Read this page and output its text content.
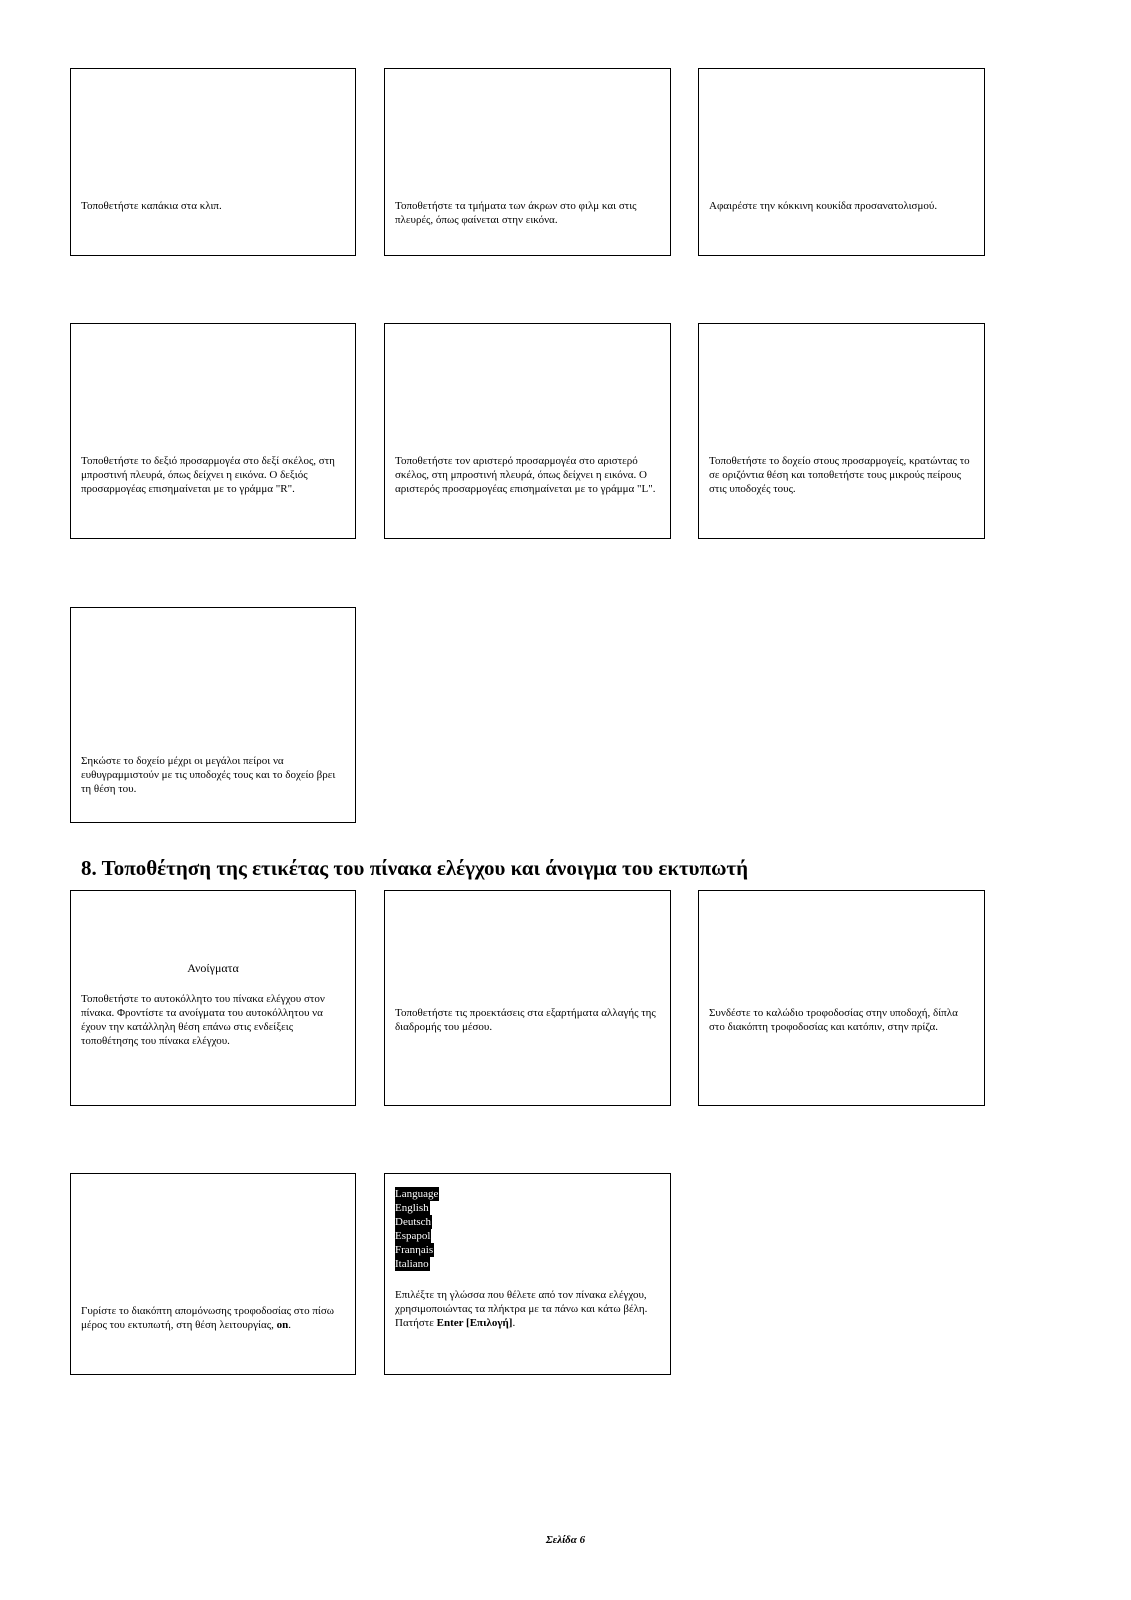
Τοποθετήστε καπάκια στα κλιπ.	Τοποθετήστε τα τμήματα των άκρων στο φιλμ και στις πλευρές, όπως φαίνεται στην εικόνα.

Αφαιρέστε την κόκκινη κουκίδα προσανατολισμού.

Τοποθετήστε το δεξιό προσαρμογέα στο δεξί σκέλος, στη μπροστινή πλευρά, όπως δείχνει η εικόνα. Ο δεξιός προσαρμογέας επισημαίνεται με το γράμμα "R".

Τοποθετήστε τον αριστερό προσαρμογέα στο αριστερό σκέλος, στη μπροστινή πλευρά, όπως δείχνει η εικόνα. Ο αριστερός προσαρμογέας επισημαίνεται με το γράμμα "L".

Τοποθετήστε το δοχείο στους προσαρμογείς, κρατώντας το σε οριζόντια θέση και τοποθετήστε τους μικρούς πείρους στις υποδοχές τους.

Σηκώστε το δοχείο μέχρι οι μεγάλοι πείροι να ευθυγραμμιστούν με τις υποδοχές τους και το δοχείο βρει τη θέση του.

8. Τοποθέτηση της ετικέτας του πίνακα ελέγχου και άνοιγμα του εκτυπωτή
Ανοίγματα

Τοποθετήστε το αυτοκόλλητο του πίνακα ελέγχου στον πίνακα. Φροντίστε τα ανοίγματα του αυτοκόλλητου να έχουν την κατάλληλη θέση επάνω στις ενδείξεις τοποθέτησης του πίνακα ελέγχου.

Τοποθετήστε τις προεκτάσεις στα εξαρτήματα αλλαγής της διαδρομής του μέσου.

Συνδέστε το καλώδιο τροφοδοσίας στην υποδοχή, δίπλα στο διακόπτη τροφοδοσίας και κατόπιν, στην πρίζα.

Γυρίστε το διακόπτη απομόνωσης τροφοδοσίας στο πίσω μέρος του εκτυπωτή, στη θέση λειτουργίας, on.

Language
English
Deutsch
Espapol
Franηais
Italiano

Επιλέξτε τη γλώσσα που θέλετε από τον πίνακα ελέγχου, χρησιμοποιώντας τα πλήκτρα με τα πάνω και κάτω βέλη. Πατήστε Enter [Επιλογή].

Σελίδα 6
